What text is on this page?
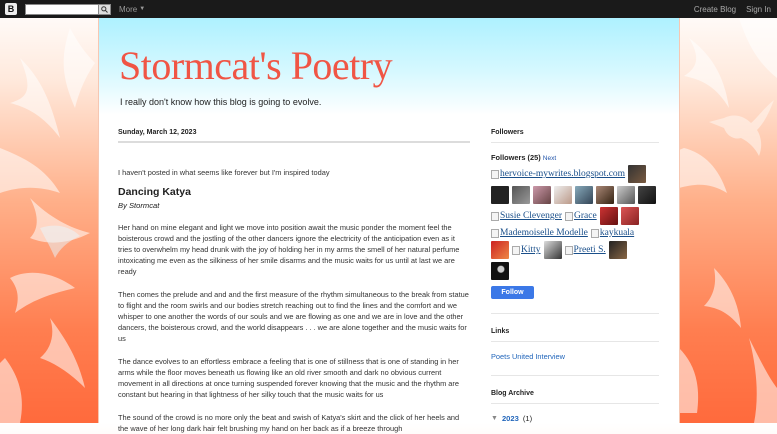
B	More ▼	Create Blog Sign In
Stormcat's Poetry
I really don't know how this blog is going to evolve.
Sunday, March 12, 2023
I haven't posted in what seems like forever but I'm inspired today
Dancing Katya
By Stormcat
Her hand on mine elegant and light we move into position await the music ponder the moment feel the boisterous crowd and the jostling of the other dancers ignore the electricity of the anticipation even as it tries to overwhelm my head drunk with the joy of holding her in my arms the smell of her natural perfume intoxicating me even as the silkiness of her smile disarms and the music waits for us until at last we are ready
Then comes the prelude and and and the first measure of the rhythm simultaneous to the break from statue to flight and the room swirls and our bodies stretch reaching out to find the lines and the comfort and we whisper to one another the words of our souls and we are flowing as one and we are in love and the other dancers, the boisterous crowd, and the world disappears . . . we are alone together and the music waits for us
The dance evolves to an effortless embrace a feeling that is one of stillness that is one of standing in her arms while the floor moves beneath us flowing like an old river smooth and dark no obvious current movement in all directions at once turning suspended forever knowing that the music and the rhythm are constant but hearing in that lightness of her silky touch that the music waits for us
The sound of the crowd is no more only the beat and swish of Katya's skirt and the click of her heels and the wave of her long dark hair felt brushing my hand on her back as if a breeze through
Followers
Followers (25) Next
hervoice-mywrites.blogspot.com
Susie Clevenger Grace
Mademoiselle Modelle kaykuala
Kitty	Preeti S.
Follow
Links
Poets United Interview
Blog Archive
▼ 2023 (1)
